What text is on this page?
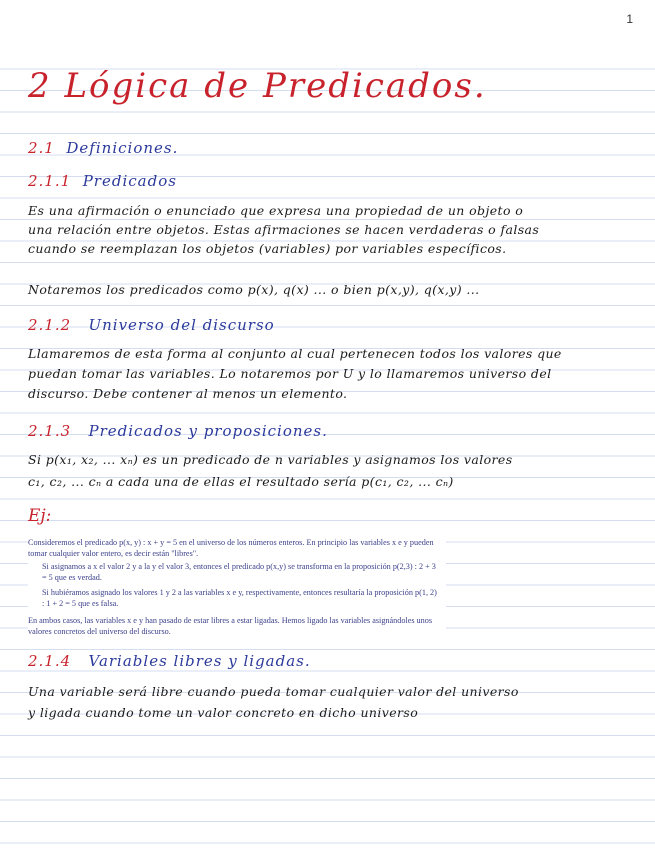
1
2 Lógica de Predicados.
2.1 Definiciones.
2.1.1 Predicados
Es una afirmación o enunciado que expresa una propiedad de un objeto o
una relación entre objetos. Estas afirmaciones se hacen verdaderas o falsas
cuando se reemplazan los objetos (variables) por variables específicos.
Notaremos los predicados como p(x), q(x) ... o bien p(x,y), q(x,y) ...
2.1.2 Universo del discurso
Llamaremos de esta forma al conjunto al cual pertenecen todos los valores que
puedan tomar las variables. Lo notaremos por U y lo llamaremos universo del
discurso. Debe contener al menos un elemento.
2.1.3 Predicados y proposiciones.
Si p(x₁, x₂, ... xₙ) es un predicado de n variables y asignamos los valores
c₁, c₂, ... cₙ a cada una de ellas el resultado sería p(c₁, c₂, ... cₙ)
Ej:

Consideremos el predicado p(x, y) : x + y = 5 en el universo de los números enteros. En principio las variables x e y pueden tomar cualquier valor entero, es decir están "libres".

Si asignamos a x el valor 2 y a la y el valor 3, entonces el predicado p(x,y) se transforma en la proposición p(2,3) : 2 + 3 = 5 que es verdad.

Si hubiéramos asignado los valores 1 y 2 a las variables x e y, respectivamente, entonces resultaría la proposición p(1, 2) : 1 + 2 = 5 que es falsa.

En ambos casos, las variables x e y han pasado de estar libres a estar ligadas. Hemos ligado las variables asignándoles unos valores concretos del universo del discurso.

2.1.4 Variables libres y ligadas.
Una variable será libre cuando pueda tomar cualquier valor del universo
y ligada cuando tome un valor concreto en dicho universo
